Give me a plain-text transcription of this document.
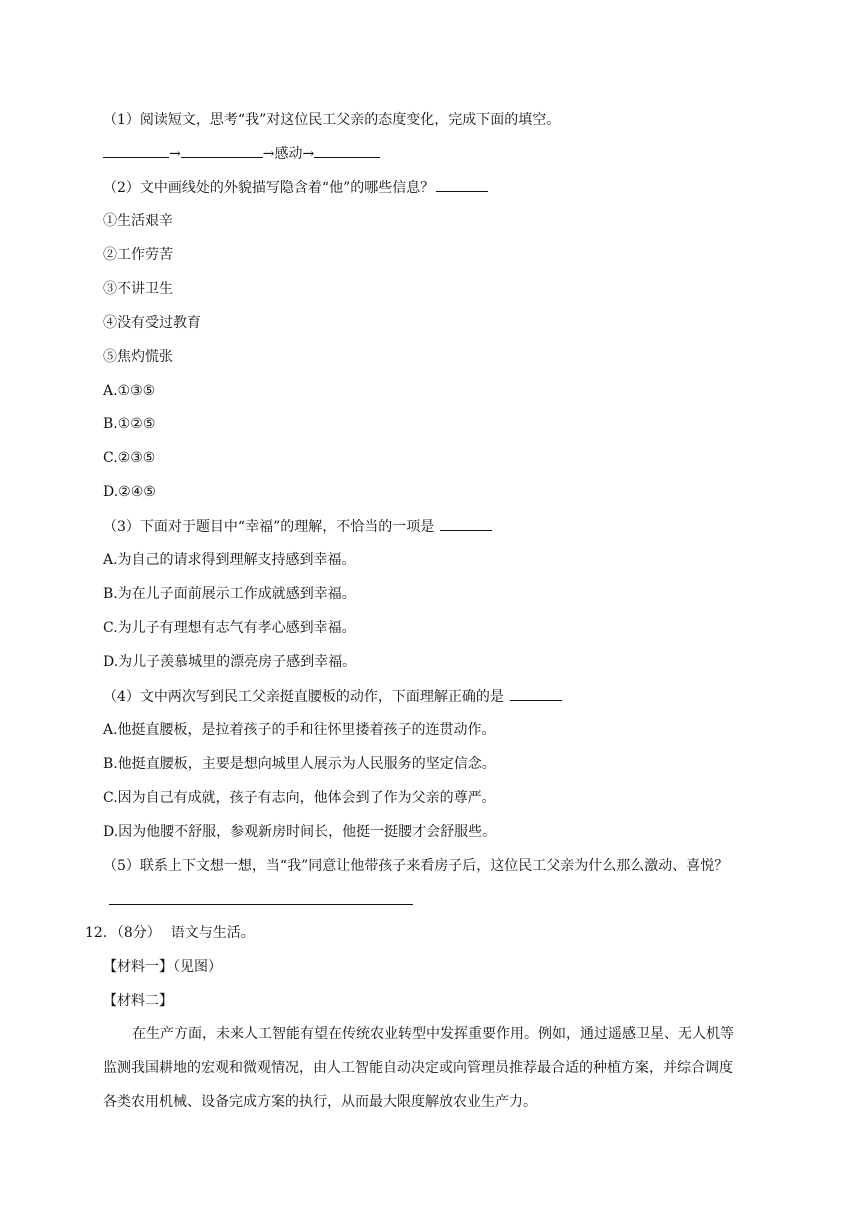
（1）阅读短文，思考“我”对这位民工父亲的态度变化，完成下面的填空。
→	→感动→
（2）文中画线处的外貌描写隐含着“他”的哪些信息？
①生活艰辛
②工作劳苦
③不讲卫生
④没有受过教育
⑤焦灼慌张
A.①③⑤
B.①②⑤
C.②③⑤
D.②④⑤
（3）下面对于题目中“幸福”的理解，不恰当的一项是
A.为自己的请求得到理解支持感到幸福。
B.为在儿子面前展示工作成就感到幸福。
C.为儿子有理想有志气有孝心感到幸福。
D.为儿子羡慕城里的漂亮房子感到幸福。
（4）文中两次写到民工父亲挺直腰板的动作，下面理解正确的是
A.他挺直腰板，是拉着孩子的手和往怀里搂着孩子的连贯动作。
B.他挺直腰板，主要是想向城里人展示为人民服务的坚定信念。
C.因为自己有成就，孩子有志向，他体会到了作为父亲的尊严。
D.因为他腰不舒服，参观新房时间长，他挺一挺腰才会舒服些。
（5）联系上下文想一想，当“我”同意让他带孩子来看房子后，这位民工父亲为什么那么激动、喜悦？
12．（8分） 语文与生活。
【材料一】（见图）
【材料二】
在生产方面，未来人工智能有望在传统农业转型中发挥重要作用。例如，通过遥感卫星、无人机等
监测我国耕地的宏观和微观情况，由人工智能自动决定或向管理员推荐最合适的种植方案，并综合调度
各类农用机械、设备完成方案的执行，从而最大限度解放农业生产力。
